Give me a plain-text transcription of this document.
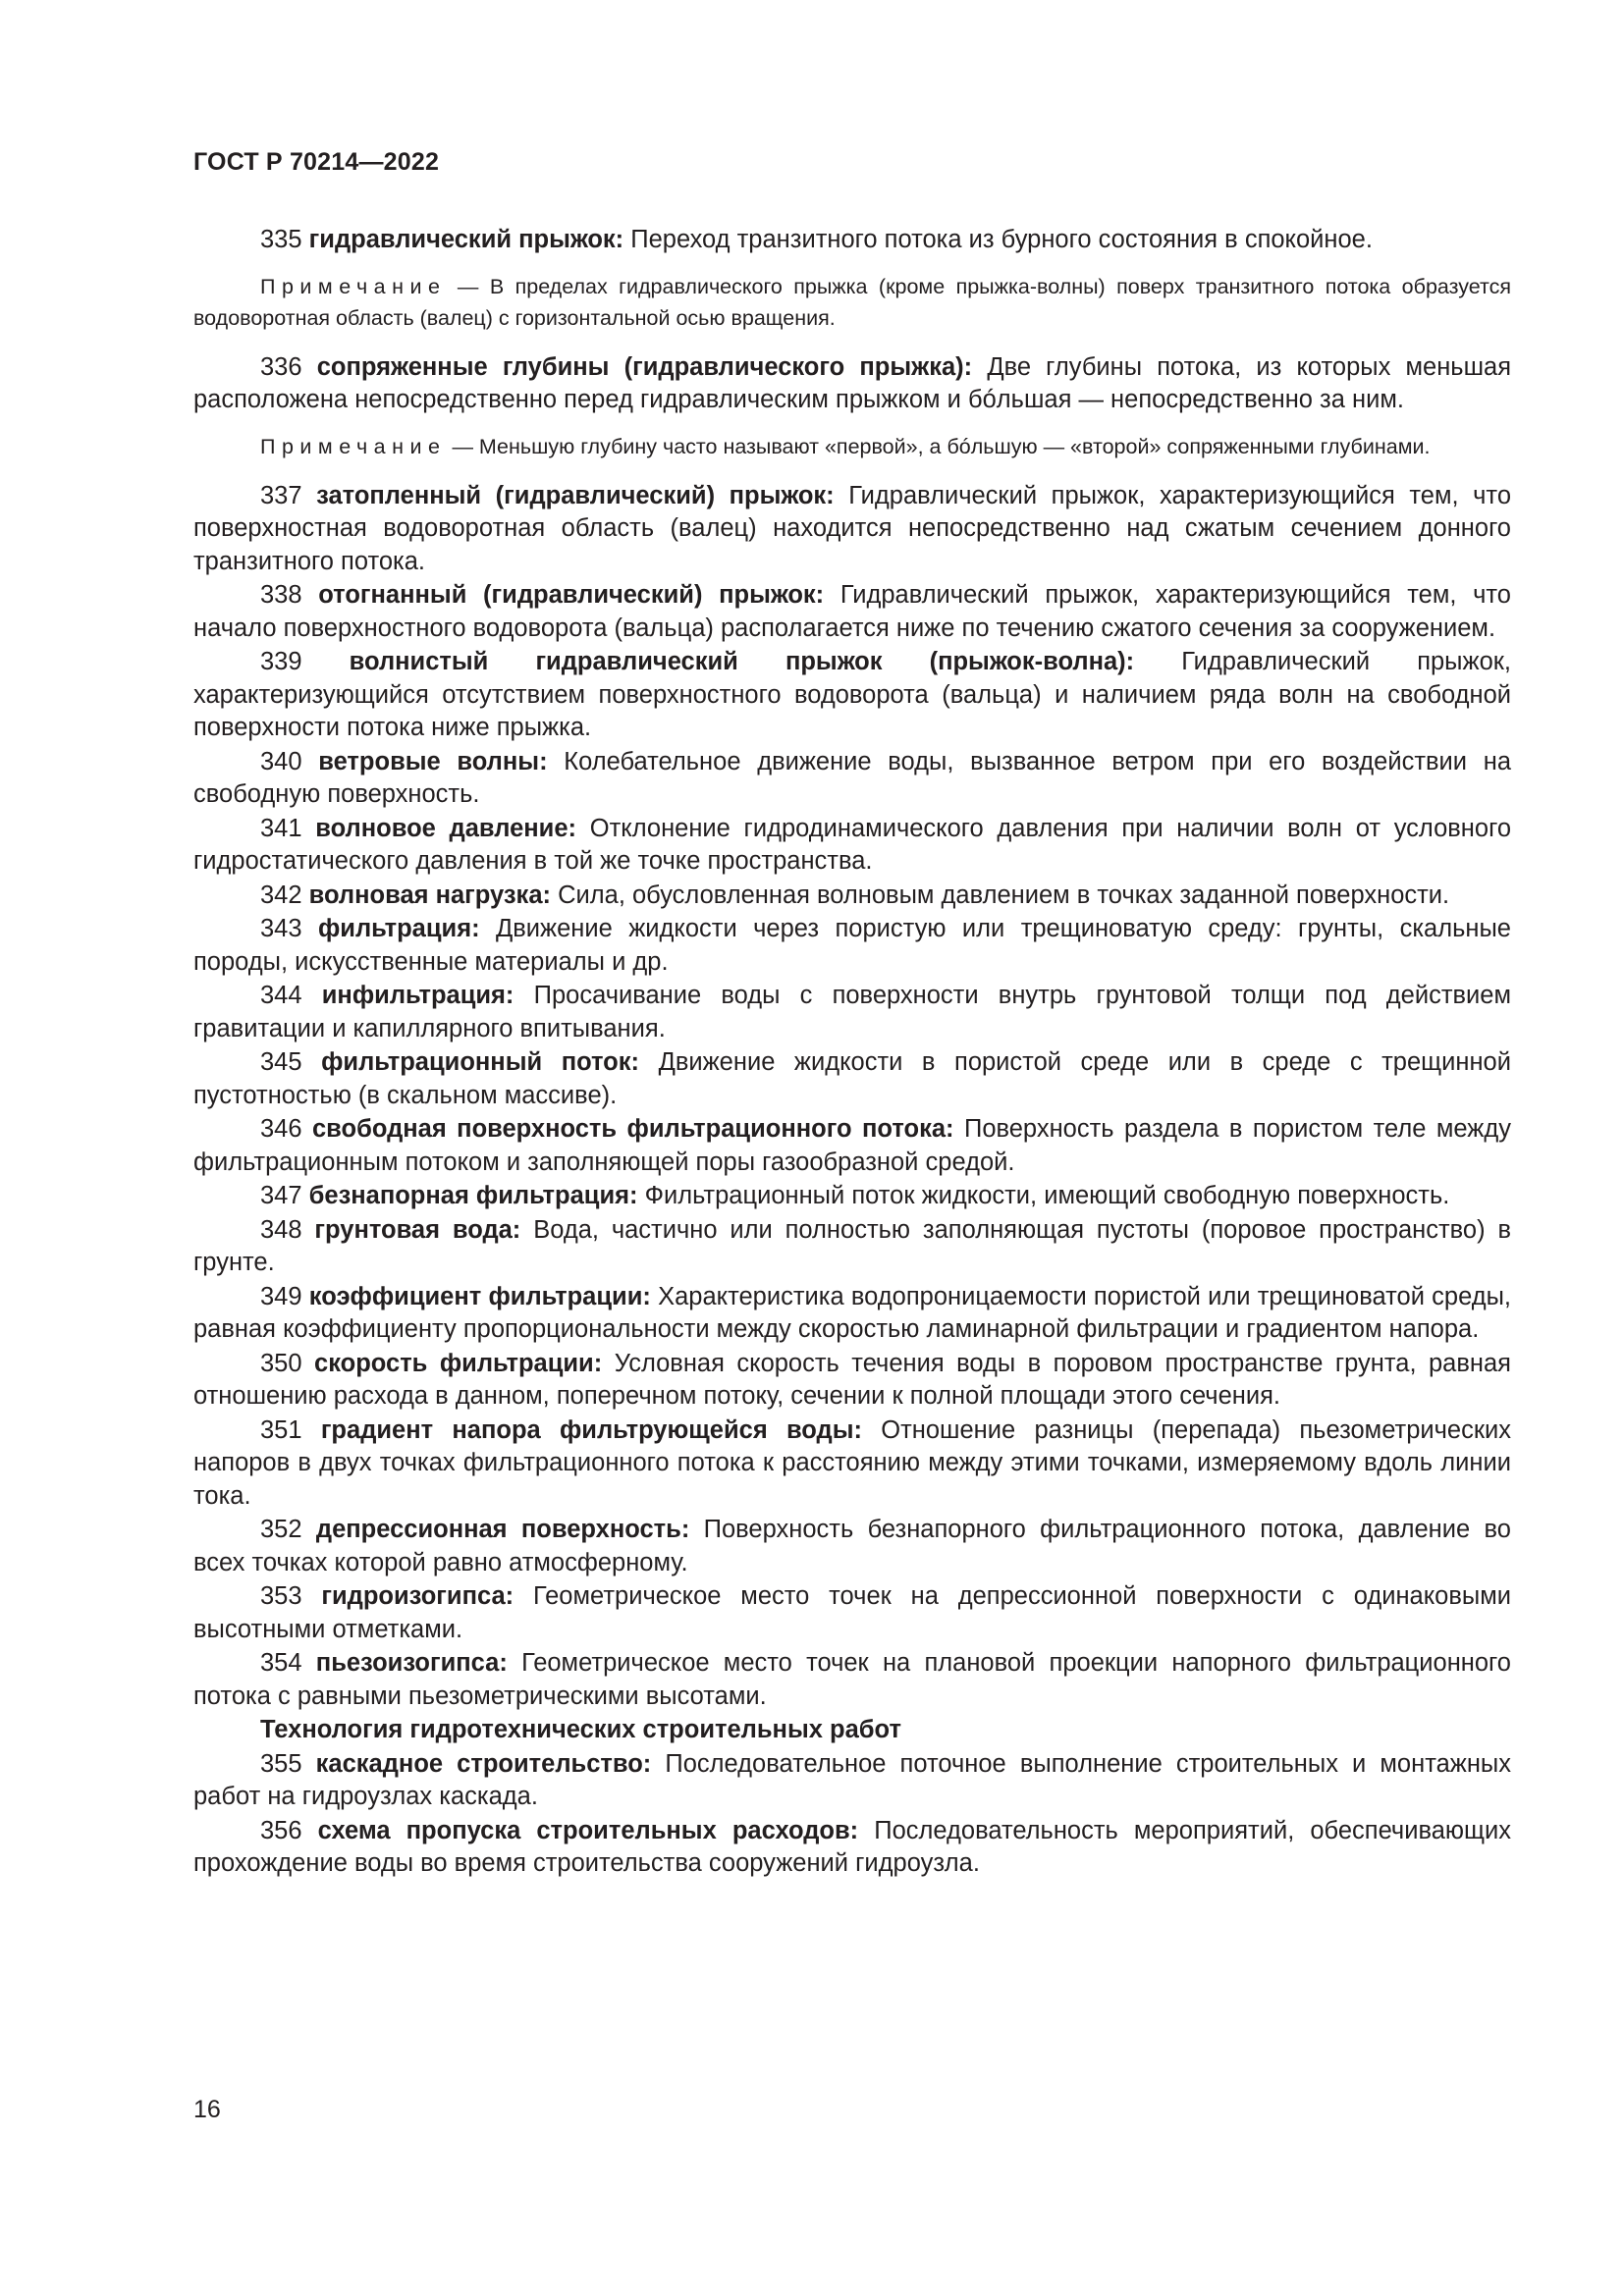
ГОСТ Р 70214—2022

335 гидравлический прыжок: Переход транзитного потока из бурного состояния в спокойное.

Примечание — В пределах гидравлического прыжка (кроме прыжка-волны) поверх транзитного потока образуется водоворотная область (валец) с горизонтальной осью вращения.

336 сопряженные глубины (гидравлического прыжка): Две глубины потока, из которых меньшая расположена непосредственно перед гидравлическим прыжком и бóльшая — непосредственно за ним.

Примечание — Меньшую глубину часто называют «первой», а бóльшую — «второй» сопряженными глубинами.

337 затопленный (гидравлический) прыжок: Гидравлический прыжок, характеризующийся тем, что поверхностная водоворотная область (валец) находится непосредственно над сжатым сечением донного транзитного потока.

338 отогнанный (гидравлический) прыжок: Гидравлический прыжок, характеризующийся тем, что начало поверхностного водоворота (вальца) располагается ниже по течению сжатого сечения за сооружением.

339 волнистый гидравлический прыжок (прыжок-волна): Гидравлический прыжок, характеризующийся отсутствием поверхностного водоворота (вальца) и наличием ряда волн на свободной поверхности потока ниже прыжка.

340 ветровые волны: Колебательное движение воды, вызванное ветром при его воздействии на свободную поверхность.

341 волновое давление: Отклонение гидродинамического давления при наличии волн от условного гидростатического давления в той же точке пространства.

342 волновая нагрузка: Сила, обусловленная волновым давлением в точках заданной поверхности.

343 фильтрация: Движение жидкости через пористую или трещиноватую среду: грунты, скальные породы, искусственные материалы и др.

344 инфильтрация: Просачивание воды с поверхности внутрь грунтовой толщи под действием гравитации и капиллярного впитывания.

345 фильтрационный поток: Движение жидкости в пористой среде или в среде с трещинной пустотностью (в скальном массиве).

346 свободная поверхность фильтрационного потока: Поверхность раздела в пористом теле между фильтрационным потоком и заполняющей поры газообразной средой.

347 безнапорная фильтрация: Фильтрационный поток жидкости, имеющий свободную поверхность.

348 грунтовая вода: Вода, частично или полностью заполняющая пустоты (поровое пространство) в грунте.

349 коэффициент фильтрации: Характеристика водопроницаемости пористой или трещиноватой среды, равная коэффициенту пропорциональности между скоростью ламинарной фильтрации и градиентом напора.

350 скорость фильтрации: Условная скорость течения воды в поровом пространстве грунта, равная отношению расхода в данном, поперечном потоку, сечении к полной площади этого сечения.

351 градиент напора фильтрующейся воды: Отношение разницы (перепада) пьезометрических напоров в двух точках фильтрационного потока к расстоянию между этими точками, измеряемому вдоль линии тока.

352 депрессионная поверхность: Поверхность безнапорного фильтрационного потока, давление во всех точках которой равно атмосферному.

353 гидроизогипса: Геометрическое место точек на депрессионной поверхности с одинаковыми высотными отметками.

354 пьезоизогипса: Геометрическое место точек на плановой проекции напорного фильтрационного потока с равными пьезометрическими высотами.

Технология гидротехнических строительных работ

355 каскадное строительство: Последовательное поточное выполнение строительных и монтажных работ на гидроузлах каскада.

356 схема пропуска строительных расходов: Последовательность мероприятий, обеспечивающих прохождение воды во время строительства сооружений гидроузла.

16
